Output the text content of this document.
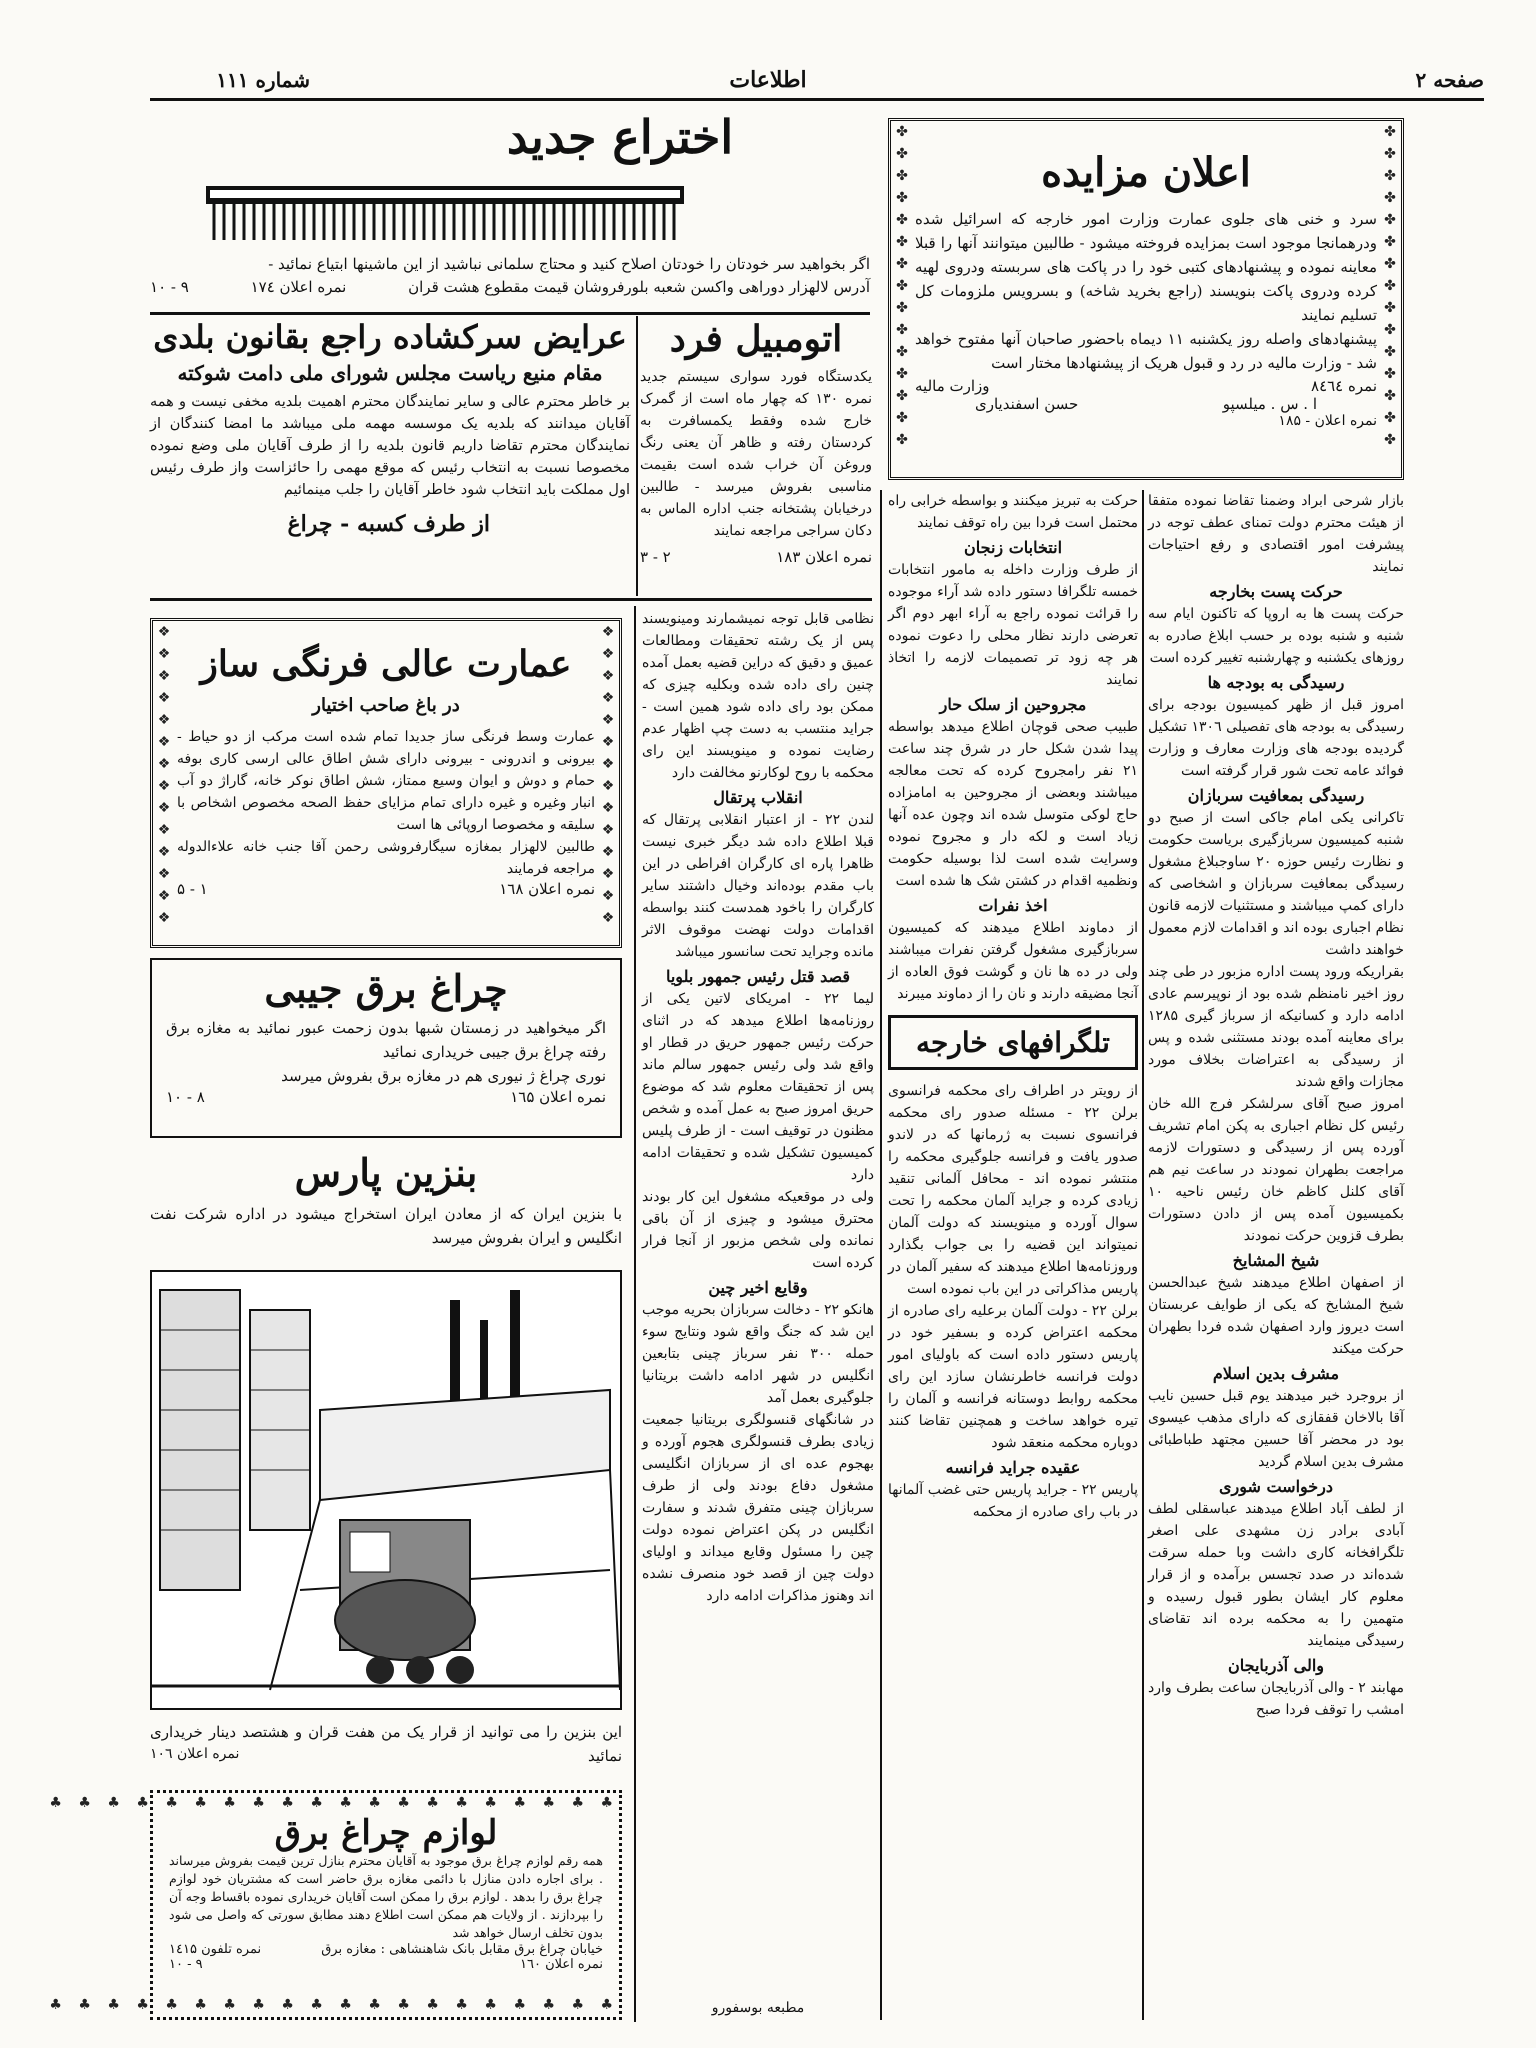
صفحه ۲
اطلاعات
شماره ۱۱۱
✤
✤
✤
✤
✤
✤
✤
✤
✤
✤
✤
✤
✤
✤
✤
✤
✤
✤
✤
✤
✤
✤
✤
✤
✤
✤
✤
✤
✤
✤
اعلان مزایده
سرد و خنی های جلوی عمارت وزارت امور خارجه که اسرائیل شده ودرهمانجا موجود است بمزایده فروخته میشود - طالبین میتوانند آنها را قبلا معاینه نموده و پیشنهادهای کتبی خود را در پاکت های سربسته ودروی لهیه کرده ودروی پاکت بنویسند (راجع بخرید شاخه) و بسرویس ملزومات کل تسلیم نمایند
پیشنهادهای واصله روز یکشنبه ۱۱ دیماه باحضور صاحبان آنها مفتوح خواهد شد - وزارت مالیه در رد و قبول هریک از پیشنهادها مختار است
نمره ۸٤٦٤
وزارت مالیه
ا . س . میلسپو
حسن اسفندیاری
نمره اعلان - ۱۸۵
اختراع جدید
اگر بخواهید سر خودتان را خودتان اصلاح کنید و محتاج سلمانی نباشید از این ماشینها ابتیاع نمائید -
آدرس لالهزار دوراهی واکسن شعبه بلورفروشان قیمت مقطوع هشت قران
نمره اعلان ۱۷٤
۹ - ۱۰
اتومبیل فرد
یکدستگاه فورد سواری سیستم جدید نمره ۱۳۰ که چهار ماه است از گمرک خارج شده وفقط یکمسافرت به کردستان رفته و ظاهر آن یعنی رنگ وروغن آن خراب شده است بقیمت مناسبی بفروش میرسد - طالبین درخیابان پشتخانه جنب اداره الماس به دکان سراجی مراجعه نمایند
نمره اعلان ۱۸۳
۲ - ۳
عرایض سرکشاده راجع بقانون بلدی
مقام منیع ریاست مجلس شورای ملی دامت شوکته
بر خاطر محترم عالی و سایر نمایندگان محترم اهمیت بلدیه مخفی نیست و همه آقایان میدانند که بلدیه یک موسسه مهمه ملی میباشد ما امضا کنندگان از نمایندگان محترم تقاضا داریم قانون بلدیه را از طرف آقایان ملی وضع نموده مخصوصا نسبت به انتخاب رئیس که موقع مهمی را حائزاست واز طرف رئیس اول مملکت باید انتخاب شود خاطر آقایان را جلب مینمائیم
از طرف کسبه - چراغ
❖
❖
❖
❖
❖
❖
❖
❖
❖
❖
❖
❖
❖
❖
❖
❖
❖
❖
❖
❖
❖
❖
❖
❖
❖
❖
❖
❖
عمارت عالی فرنگی ساز
در باغ صاحب اختیار
عمارت وسط فرنگی ساز جدیدا تمام شده است مرکب از دو حیاط - بیرونی و اندرونی - بیرونی دارای شش اطاق عالی ارسی کاری بوفه حمام و دوش و ایوان وسیع ممتاز، شش اطاق نوکر خانه، گاراژ دو آب انبار وغیره و غیره دارای تمام مزایای حفظ الصحه مخصوص اشخاص با سلیقه و مخصوصا اروپائی ها است
طالبین لالهزار بمغازه سیگارفروشی رحمن آقا جنب خانه علاءالدوله مراجعه فرمایند
نمره اعلان ۱٦۸
۱ - ۵
چراغ برق جیبی
اگر میخواهید در زمستان شبها بدون زحمت عبور نمائید به مغازه برق رفته چراغ برق جیبی خریداری نمائید
نوری چراغ ژ نیوری هم در مغازه برق بفروش میرسد
نمره اعلان ۱٦۵
۸ - ۱۰
بنزین پارس
با بنزین ایران که از معادن ایران استخراج میشود در اداره شرکت نفت انگلیس و ایران بفروش میرسد
این بنزین را می توانید از قرار یک من هفت قران و هشتصد دینار خریداری نمائید
نمره اعلان ۱۰٦
♣ ♣ ♣ ♣ ♣ ♣ ♣ ♣ ♣ ♣ ♣ ♣ ♣ ♣ ♣ ♣ ♣ ♣ ♣ ♣
♣ ♣ ♣ ♣ ♣ ♣ ♣ ♣ ♣ ♣ ♣ ♣ ♣ ♣ ♣ ♣ ♣ ♣ ♣ ♣
لوازم چراغ برق
همه رقم لوازم چراغ برق موجود به آقایان محترم بنازل ترین قیمت بفروش میرساند . برای اجاره دادن منازل با دائمی مغازه برق حاضر است که مشتریان خود لوازم چراغ برق را بدهد . لوازم برق را ممکن است آقایان خریداری نموده باقساط وجه آن را بپردازند . از ولایات هم ممکن است اطلاع دهند مطابق سورتی که واصل می شود بدون تخلف ارسال خواهد شد
خیابان چراغ برق مقابل بانک شاهنشاهی : مغازه برق
نمره تلفون ۱٤۱۵
نمره اعلان ۱٦۰
۹ - ۱۰
نظامی قابل توجه نمیشمارند ومینویسند پس از یک رشته تحقیقات ومطالعات عمیق و دقیق که دراین قضیه بعمل آمده چنین رای داده شده وبکلیه چیزی که ممکن بود رای داده شود همین است - جراید منتسب به دست چپ اظهار عدم رضایت نموده و مینویسند این رای محکمه با روح لوکارنو مخالفت دارد
انقلاب پرتقال
لندن ۲۲ - از اعتبار انقلابی پرتقال که قبلا اطلاع داده شد دیگر خبری نیست ظاهرا پاره ای کارگران افراطی در این باب مقدم بوده‌اند وخیال داشتند سایر کارگران را باخود همدست کنند بواسطه اقدامات دولت نهضت موقوف الاثر مانده وجراید تحت سانسور میباشد
قصد قتل رئیس جمهور بلویا
لیما ۲۲ - امریکای لاتین یکی از روزنامه‌ها اطلاع میدهد که در اثنای حرکت رئیس جمهور حریق در قطار او واقع شد ولی رئیس جمهور سالم ماند پس از تحقیقات معلوم شد که موضوع حریق امروز صبح به عمل آمده و شخص مظنون در توقیف است - از طرف پلیس کمیسیون تشکیل شده و تحقیقات ادامه دارد
ولی در موقعیکه مشغول این کار بودند محترق میشود و چیزی از آن باقی نمانده ولی شخص مزبور از آنجا فرار کرده است
وقایع اخیر چین
هانکو ۲۲ - دخالت سربازان بحریه موجب این شد که جنگ واقع شود ونتایج سوء حمله ۳۰۰ نفر سرباز چینی بتابعین انگلیس در شهر ادامه داشت بریتانیا جلوگیری بعمل آمد
در شانگهای قنسولگری بریتانیا جمعیت زیادی بطرف قنسولگری هجوم آورده و بهجوم عده ای از سربازان انگلیسی مشغول دفاع بودند ولی از طرف سربازان چینی متفرق شدند و سفارت انگلیس در پکن اعتراض نموده دولت چین را مسئول وقایع میداند و اولیای دولت چین از قصد خود منصرف نشده اند وهنوز مذاکرات ادامه دارد
مطبعه بوسفورو
حرکت به تبریز میکنند و بواسطه خرابی راه محتمل است فردا بین راه توقف نمایند
انتخابات زنجان
از طرف وزارت داخله به مامور انتخابات خمسه تلگرافا دستور داده شد آراء موجوده را قرائت نموده راجع به آراء ابهر دوم اگر تعرضی دارند نظار محلی را دعوت نموده هر چه زود تر تصمیمات لازمه را اتخاذ نمایند
مجروحین از سلک حار
طبیب صحی قوچان اطلاع میدهد بواسطه پیدا شدن شکل حار در شرق چند ساعت ۲۱ نفر رامجروح کرده که تحت معالجه میباشند وبعضی از مجروحین به امامزاده حاج لوکی متوسل شده اند وچون عده آنها زیاد است و لکه دار و مجروح نموده وسرایت شده است لذا بوسیله حکومت ونظمیه اقدام در کشتن شک ها شده است
اخذ نفرات
از دماوند اطلاع میدهند که کمیسیون سربازگیری مشغول گرفتن نفرات میباشند ولی در ده ها نان و گوشت فوق العاده از آنجا مضیقه دارند و نان را از دماوند میبرند
تلگرافهای خارجه
از رویتر در اطراف رای محکمه فرانسوی برلن ۲۲ - مسئله صدور رای محکمه فرانسوی نسبت به ژرمانها که در لاندو صدور یافت و فرانسه جلوگیری محکمه را منتشر نموده اند - محافل آلمانی تنقید زیادی کرده و جراید آلمان محکمه را تحت سوال آورده و مینویسند که دولت آلمان نمیتواند این قضیه را بی جواب بگذارد وروزنامه‌ها اطلاع میدهند که سفیر آلمان در پاریس مذاکراتی در این باب نموده است
برلن ۲۲ - دولت آلمان برعلیه رای صادره از محکمه اعتراض کرده و بسفیر خود در پاریس دستور داده است که باولیای امور دولت فرانسه خاطرنشان سازد این رای محکمه روابط دوستانه فرانسه و آلمان را تیره خواهد ساخت و همچنین تقاضا کنند دوباره محکمه منعقد شود
عقیده جراید فرانسه
پاریس ۲۲ - جراید پاریس حتی غضب آلمانها در باب رای صادره از محکمه
بازار شرحی ابراد وضمنا تقاضا نموده متفقا از هیئت محترم دولت تمنای عطف توجه در پیشرفت امور اقتصادی و رفع احتیاجات نمایند
حرکت پست بخارجه
حرکت پست ها به اروپا که تاکنون ایام سه شنبه و شنبه بوده بر حسب ابلاغ صادره به روزهای یکشنبه و چهارشنبه تغییر کرده است
رسیدگی به بودجه ها
امروز قبل از ظهر کمیسیون بودجه برای رسیدگی به بودجه های تفصیلی ۱۳۰٦ تشکیل گردیده بودجه های وزارت معارف و وزارت فوائد عامه تحت شور قرار گرفته است
رسیدگی بمعافیت سربازان
تاکرانی یکی امام جاکی است از صبح دو شنبه کمیسیون سربازگیری بریاست حکومت و نظارت رئیس حوزه ۲۰ ساوجبلاغ مشغول رسیدگی بمعافیت سربازان و اشخاصی که دارای کمپ میباشند و مستثنیات لازمه قانون نظام اجباری بوده اند و اقدامات لازم معمول خواهند داشت
بقراریکه ورود پست اداره مزبور در طی چند روز اخیر نامنظم شده بود از نوپیرسم عادی ادامه دارد و کسانیکه از سرباز گیری ۱۲۸۵ برای معاینه آمده بودند مستثنی شده و پس از رسیدگی به اعتراضات بخلاف مورد مجازات واقع شدند
امروز صبح آقای سرلشکر فرج الله خان رئیس کل نظام اجباری به پکن امام تشریف آورده پس از رسیدگی و دستورات لازمه مراجعت بطهران نمودند در ساعت نیم هم آقای کلنل کاظم خان رئیس ناحیه ۱۰ بکمیسیون آمده پس از دادن دستورات بطرف قزوین حرکت نمودند
شیخ المشایخ
از اصفهان اطلاع میدهند شیخ عبدالحسن شیخ المشایخ که یکی از طوایف عربستان است دیروز وارد اصفهان شده فردا بطهران حرکت میکند
مشرف بدین اسلام
از بروجرد خبر میدهند یوم قبل حسین نایب آقا بالاخان قفقازی که دارای مذهب عیسوی بود در محضر آقا حسین مجتهد طباطبائی مشرف بدین اسلام گردید
درخواست شوری
از لطف آباد اطلاع میدهند عباسقلی لطف آبادی برادر زن مشهدی علی اصغر تلگرافخانه کاری داشت وبا حمله سرقت شده‌اند در صدد تجسس برآمده و از قرار معلوم کار ایشان بطور قبول رسیده و متهمین را به محکمه برده اند تقاضای رسیدگی مینمایند
والی آذربایجان
مهابند ۲ - والی آذربایجان ساعت بطرف وارد امشب را توقف فردا صبح
